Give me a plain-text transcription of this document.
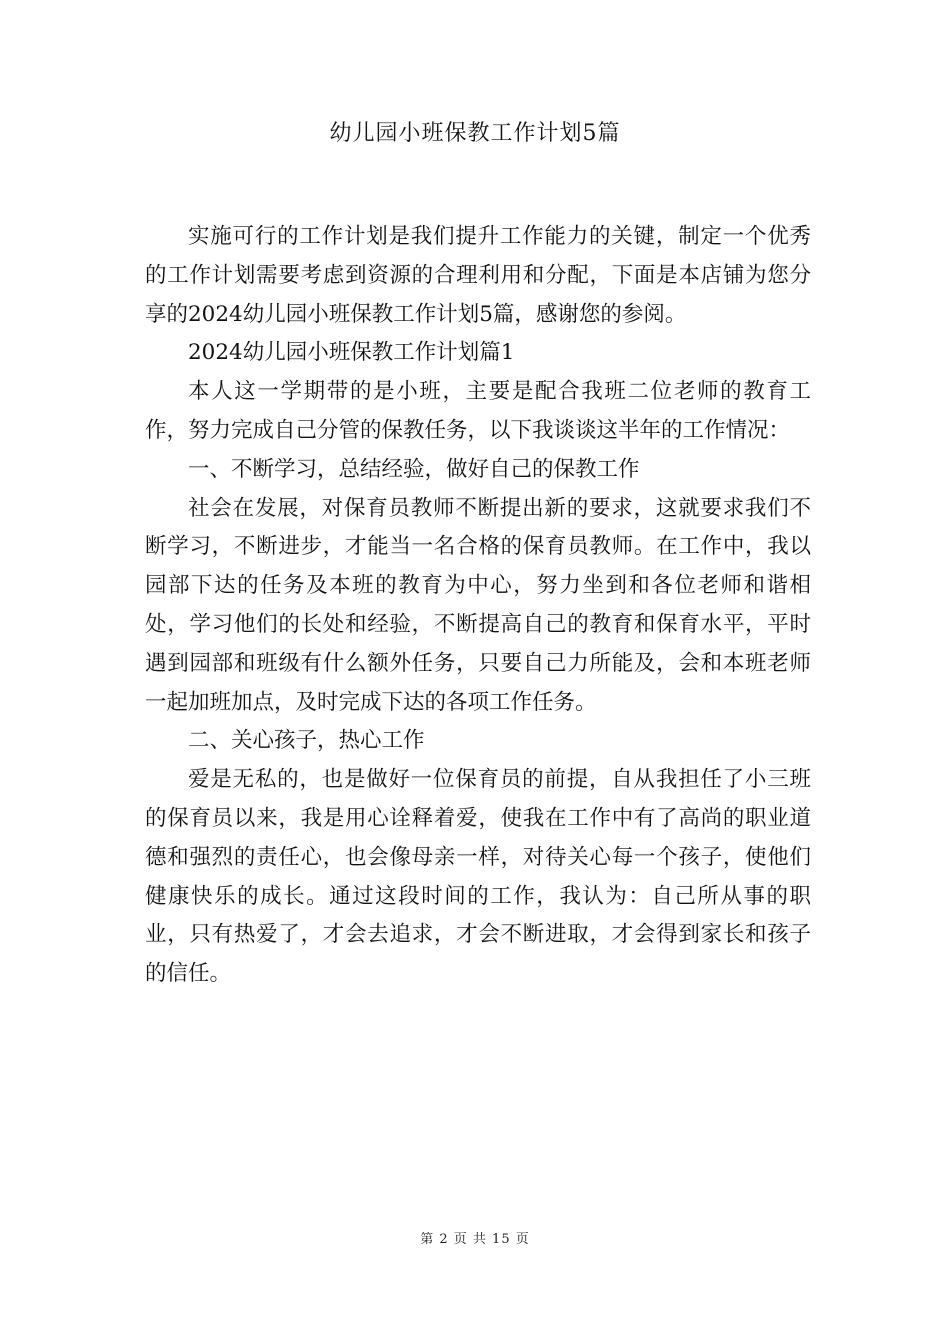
幼儿园小班保教工作计划5篇

实施可行的工作计划是我们提升工作能力的关键，制定一个优秀的工作计划需要考虑到资源的合理利用和分配，下面是本店铺为您分享的2024幼儿园小班保教工作计划5篇，感谢您的参阅。

2024幼儿园小班保教工作计划篇1

本人这一学期带的是小班，主要是配合我班二位老师的教育工作，努力完成自己分管的保教任务，以下我谈谈这半年的工作情况：

一、不断学习，总结经验，做好自己的保教工作

社会在发展，对保育员教师不断提出新的要求，这就要求我们不断学习，不断进步，才能当一名合格的保育员教师。在工作中，我以园部下达的任务及本班的教育为中心，努力坐到和各位老师和谐相处，学习他们的长处和经验，不断提高自己的教育和保育水平，平时遇到园部和班级有什么额外任务，只要自己力所能及，会和本班老师一起加班加点，及时完成下达的各项工作任务。

二、关心孩子，热心工作

爱是无私的，也是做好一位保育员的前提，自从我担任了小三班的保育员以来，我是用心诠释着爱，使我在工作中有了高尚的职业道德和强烈的责任心，也会像母亲一样，对待关心每一个孩子，使他们健康快乐的成长。通过这段时间的工作，我认为：自己所从事的职业，只有热爱了，才会去追求，才会不断进取，才会得到家长和孩子的信任。

第 2 页 共 15 页
